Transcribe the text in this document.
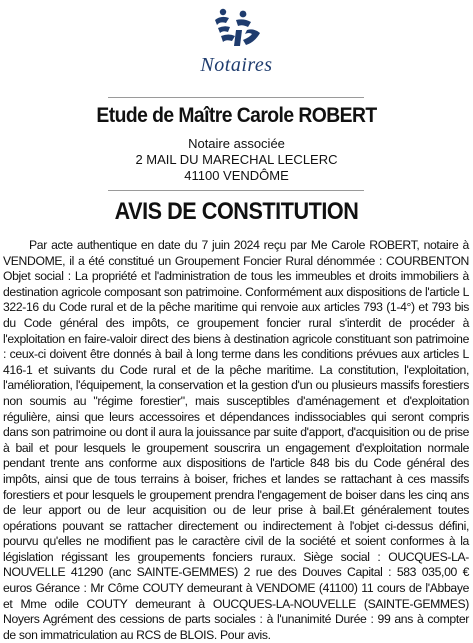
Notaires
Etude de Maître Carole ROBERT
Notaire associée
2 MAIL DU MARECHAL LECLERC
41100 VENDÔME
AVIS DE CONSTITUTION

Par acte authentique en date du 7 juin 2024 reçu par Me Carole ROBERT, notaire à VENDOME, il a été constitué un Groupement Foncier Rural dénommée : COURBENTON Objet social : La propriété et l'administration de tous les immeubles et droits immobiliers à destination agricole composant son patrimoine. Conformément aux dispositions de l'article L 322-16 du Code rural et de la pêche maritime qui renvoie aux articles 793 (1-4°) et 793 bis du Code général des impôts, ce groupement foncier rural s'interdit de procéder à l'exploitation en faire-valoir direct des biens à destination agricole constituant son patrimoine : ceux-ci doivent être donnés à bail à long terme dans les conditions prévues aux articles L 416-1 et suivants du Code rural et de la pêche maritime. La constitution, l'exploitation, l'amélioration, l'équipement, la conservation et la gestion d'un ou plusieurs massifs forestiers non soumis au "régime forestier", mais susceptibles d'aménagement et d'exploitation régulière, ainsi que leurs accessoires et dépendances indissociables qui seront compris dans son patrimoine ou dont il aura la jouissance par suite d'apport, d'acquisition ou de prise à bail et pour lesquels le groupement souscrira un engagement d'exploitation normale pendant trente ans conforme aux dispositions de l'article 848 bis du Code général des impôts, ainsi que de tous terrains à boiser, friches et landes se rattachant à ces massifs forestiers et pour lesquels le groupement prendra l'engagement de boiser dans les cinq ans de leur apport ou de leur acquisition ou de leur prise à bail.Et généralement toutes opérations pouvant se rattacher directement ou indirectement à l'objet ci-dessus défini, pourvu qu'elles ne modifient pas le caractère civil de la société et soient conformes à la législation régissant les groupements fonciers ruraux. Siège social : OUCQUES-LA-NOUVELLE 41290 (anc SAINTE-GEMMES) 2 rue des Douves Capital : 583 035,00 € euros Gérance : Mr Côme COUTY demeurant à VENDOME (41100) 11 cours de l'Abbaye et Mme odile COUTY demeurant à OUCQUES-LA-NOUVELLE (SAINTE-GEMMES) Noyers Agrément des cessions de parts sociales : à l'unanimité Durée : 99 ans à compter de son immatriculation au RCS de BLOIS. Pour avis.
